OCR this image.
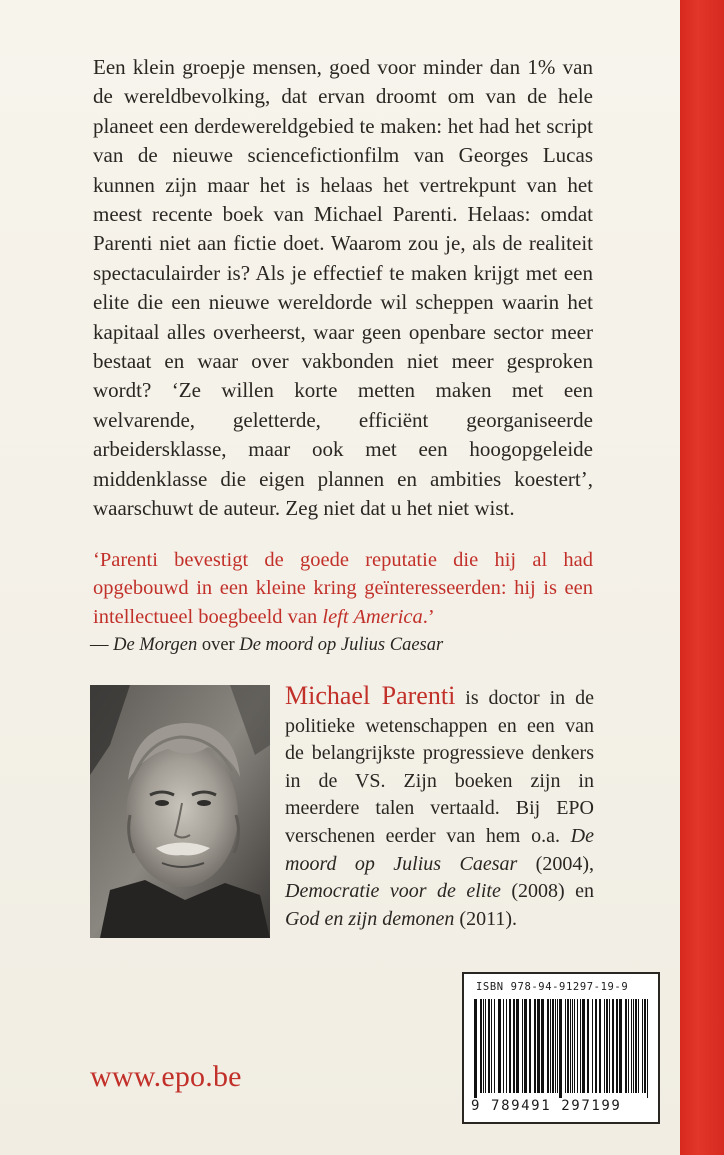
Een klein groepje mensen, goed voor minder dan 1% van de wereldbevolking, dat ervan droomt om van de hele planeet een derdewereldgebied te maken: het had het script van de nieuwe sciencefictionfilm van Georges Lucas kunnen zijn maar het is helaas het vertrekpunt van het meest recente boek van Michael Parenti. Helaas: omdat Parenti niet aan fictie doet. Waarom zou je, als de realiteit spectaculairder is? Als je effectief te maken krijgt met een elite die een nieuwe wereldorde wil scheppen waarin het kapitaal alles overheerst, waar geen openbare sector meer bestaat en waar over vakbonden niet meer gesproken wordt? ‘Ze willen korte metten maken met een welvarende, geletterde, efficiënt georganiseerde arbeidersklasse, maar ook met een hoogopgeleide middenklasse die eigen plannen en ambities koestert’, waarschuwt de auteur. Zeg niet dat u het niet wist.

‘Parenti bevestigt de goede reputatie die hij al had opgebouwd in een kleine kring geïnteresseerden: hij is een intellectueel boegbeeld van left America.’

— De Morgen over De moord op Julius Caesar

Michael Parenti is doctor in de politieke wetenschappen en een van de belangrijkste progressieve denkers in de VS. Zijn boeken zijn in meerdere talen vertaald. Bij EPO verschenen eerder van hem o.a. De moord op Julius Caesar (2004), Democratie voor de elite (2008) en God en zijn demonen (2011).

www.epo.be
ISBN 978-94-91297-19-9
9 789491 297199
